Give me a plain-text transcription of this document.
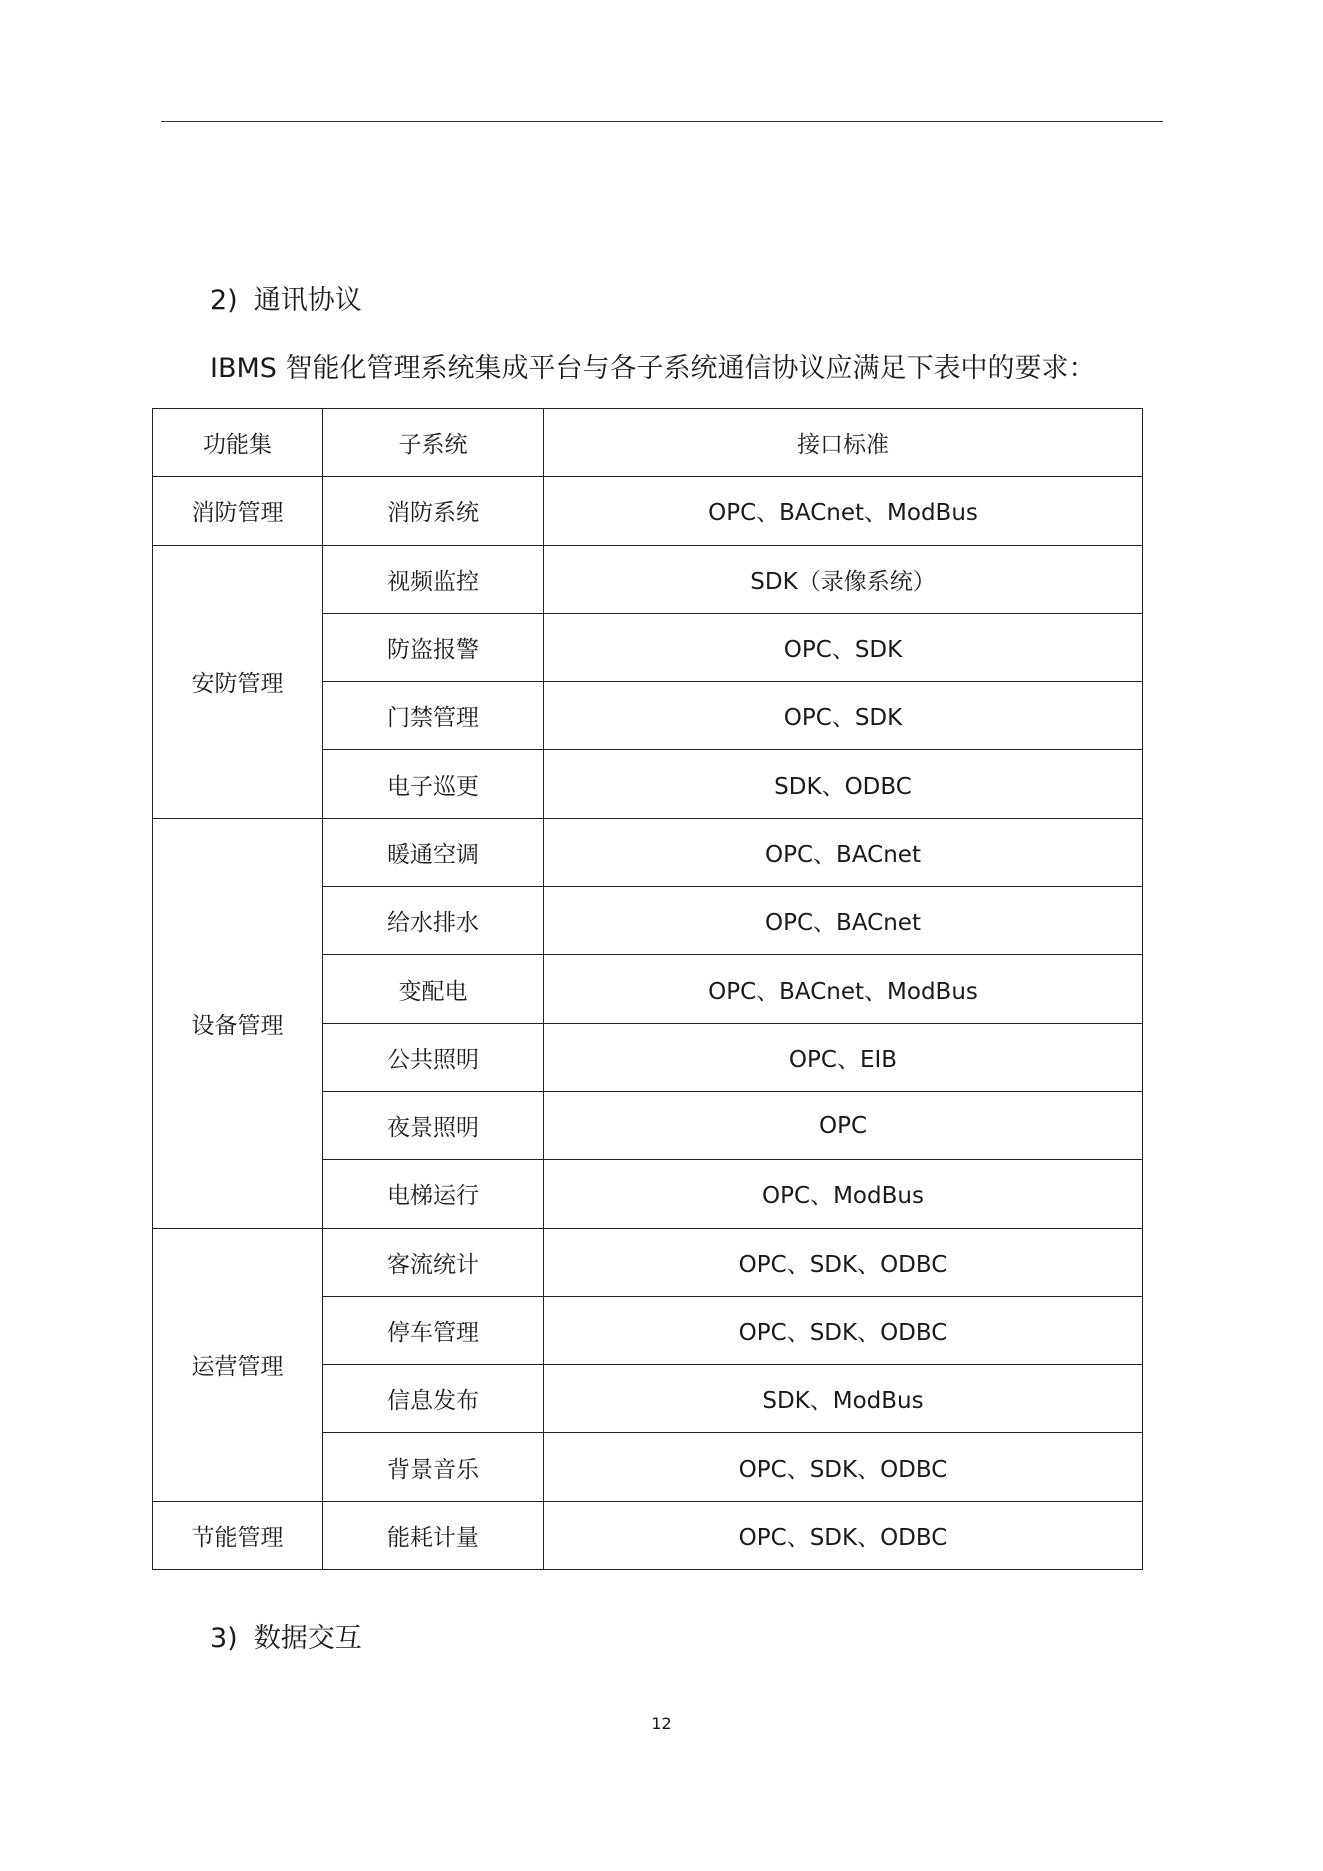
2) 通讯协议
IBMS 智能化管理系统集成平台与各子系统通信协议应满足下表中的要求：
功能集	子系统	接口标准
消防管理	消防系统	OPC、BACnet、ModBus
安防管理	视频监控	SDK（录像系统）
	防盗报警	OPC、SDK
	门禁管理	OPC、SDK
	电子巡更	SDK、ODBC
设备管理	暖通空调	OPC、BACnet
	给水排水	OPC、BACnet
	变配电	OPC、BACnet、ModBus
	公共照明	OPC、EIB
	夜景照明	OPC
	电梯运行	OPC、ModBus
运营管理	客流统计	OPC、SDK、ODBC
	停车管理	OPC、SDK、ODBC
	信息发布	SDK、ModBus
	背景音乐	OPC、SDK、ODBC
节能管理	能耗计量	OPC、SDK、ODBC
3) 数据交互
12
